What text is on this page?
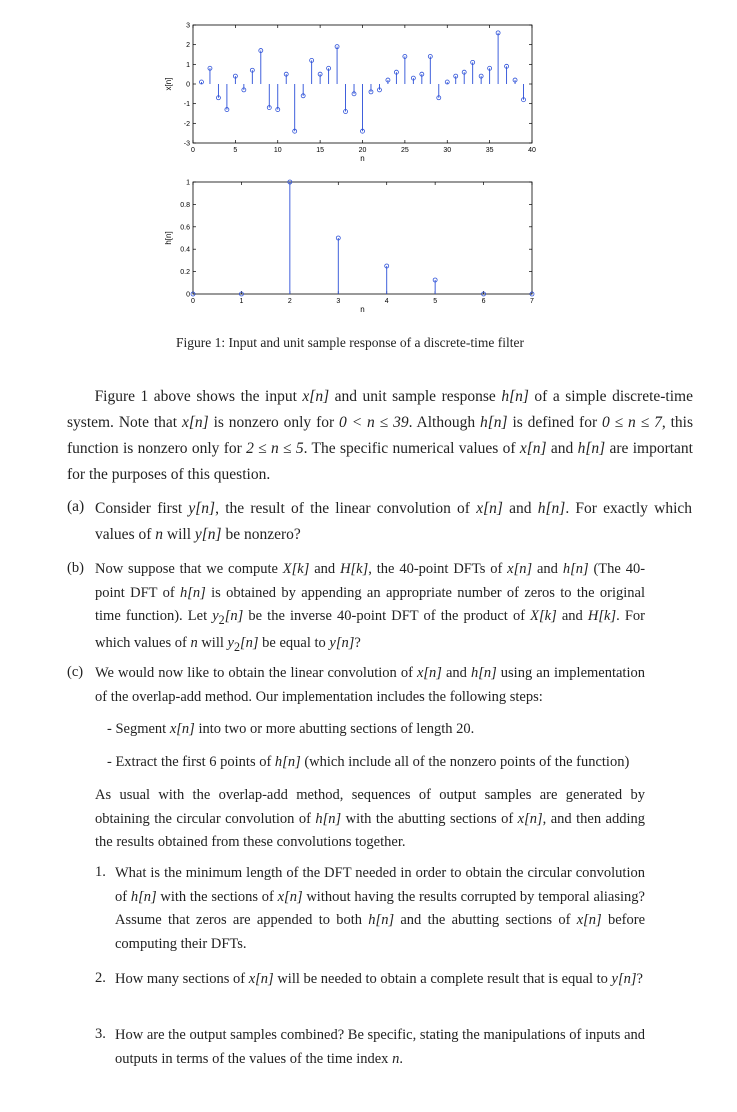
0	5	10	15	20	25	30	35	40
-3
-2
-1
0
1
2
3
n
x[n]
0	1	2	3	4	5	6	7
0
0.2
0.4
0.6
0.8
1
n
h[n]
Figure 1: Input and unit sample response of a discrete-time filter
Figure 1 above shows the input x[n] and unit sample response h[n] of a simple discrete-time system. Note that x[n] is nonzero only for 0 < n ≤ 39. Although h[n] is defined for 0 ≤ n ≤ 7, this function is nonzero only for 2 ≤ n ≤ 5. The specific numerical values of x[n] and h[n] are important for the purposes of this question.
(a) Consider first y[n], the result of the linear convolution of x[n] and h[n]. For exactly which values of n will y[n] be nonzero?
(b) Now suppose that we compute X[k] and H[k], the 40-point DFTs of x[n] and h[n] (The 40-point DFT of h[n] is obtained by appending an appropriate number of zeros to the original time function). Let $y_2[n]$ be the inverse 40-point DFT of the product of X[k] and H[k]. For which values of n will $y_2[n]$ be equal to y[n]?
(c) We would now like to obtain the linear convolution of x[n] and h[n] using an implementation of the overlap-add method. Our implementation includes the following steps:
- Segment x[n] into two or more abutting sections of length 20.
- Extract the first 6 points of h[n] (which include all of the nonzero points of the function)
As usual with the overlap-add method, sequences of output samples are generated by obtaining the circular convolution of h[n] with the abutting sections of x[n], and then adding the results obtained from these convolutions together.
1. What is the minimum length of the DFT needed in order to obtain the circular convolution of h[n] with the sections of x[n] without having the results corrupted by temporal aliasing? Assume that zeros are appended to both h[n] and the abutting sections of x[n] before computing their DFTs.
2. How many sections of x[n] will be needed to obtain a complete result that is equal to y[n]?
3. How are the output samples combined? Be specific, stating the manipulations of inputs and outputs in terms of the values of the time index n.
